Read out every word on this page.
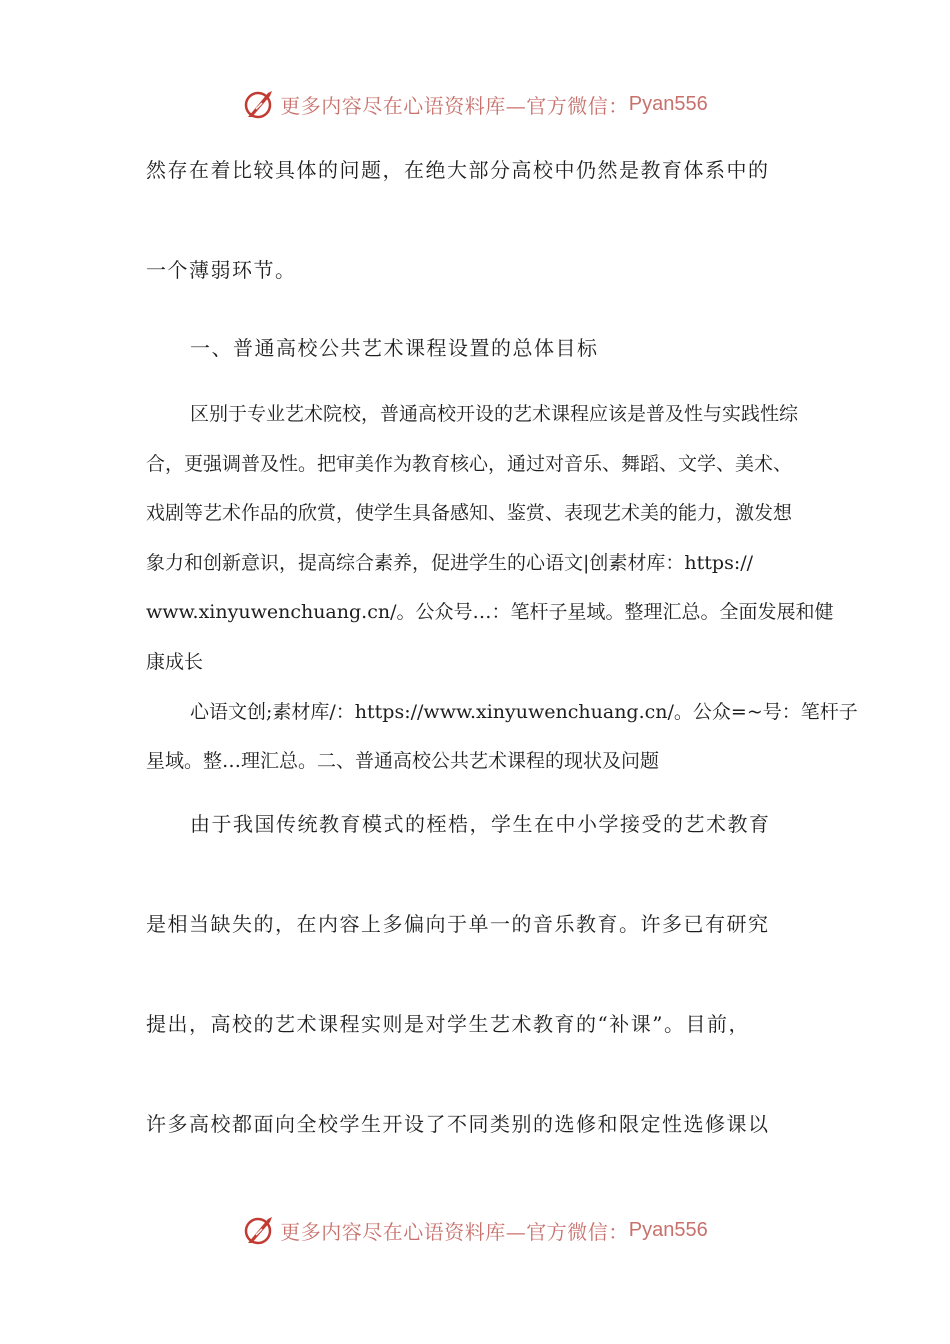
更多内容尽在心语资料库—官方微信： Pyan556

然存在着比较具体的问题，在绝大部分高校中仍然是教育体系中的

一个薄弱环节。

一、普通高校公共艺术课程设置的总体目标

区别于专业艺术院校，普通高校开设的艺术课程应该是普及性与实践性综

合，更强调普及性。把审美作为教育核心，通过对音乐、舞蹈、文学、美术、

戏剧等艺术作品的欣赏，使学生具备感知、鉴赏、表现艺术美的能力，激发想

象力和创新意识，提高综合素养，促进学生的心语文|创素材库：https://

www.xinyuwenchuang.cn/。公众号…：笔杆子星域。整理汇总。全面发展和健

康成长

心语文创;素材库/：https://www.xinyuwenchuang.cn/。公众=~号：笔杆子

星域。整…理汇总。二、普通高校公共艺术课程的现状及问题

由于我国传统教育模式的桎梏，学生在中小学接受的艺术教育

是相当缺失的，在内容上多偏向于单一的音乐教育。许多已有研究

提出，高校的艺术课程实则是对学生艺术教育的“补课”。目前，

许多高校都面向全校学生开设了不同类别的选修和限定性选修课以

更多内容尽在心语资料库—官方微信： Pyan556
